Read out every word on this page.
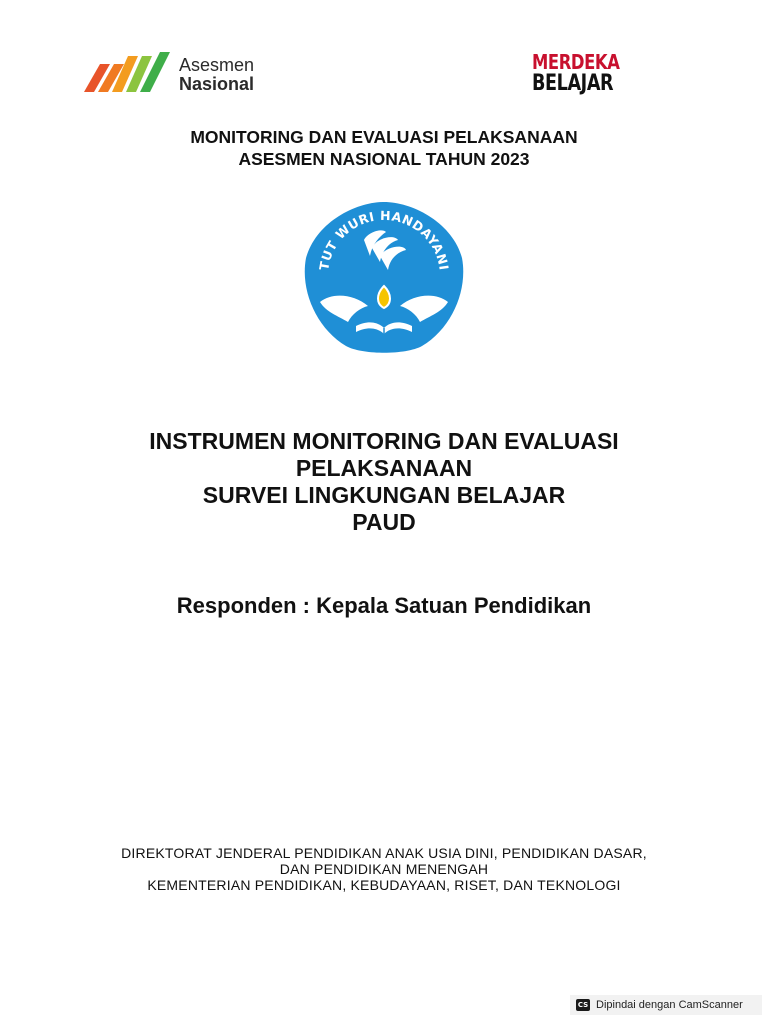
Asesmen
Nasional
MERDEKA
BELAJAR
MONITORING DAN EVALUASI PELAKSANAAN
ASESMEN NASIONAL TAHUN 2023
TUT WURI HANDAYANI
INSTRUMEN MONITORING DAN EVALUASI
PELAKSANAAN
SURVEI LINGKUNGAN BELAJAR
PAUD
Responden : Kepala Satuan Pendidikan
DIREKTORAT JENDERAL PENDIDIKAN ANAK USIA DINI, PENDIDIKAN DASAR,
DAN PENDIDIKAN MENENGAH
KEMENTERIAN PENDIDIKAN, KEBUDAYAAN, RISET, DAN TEKNOLOGI
CS Dipindai dengan CamScanner
